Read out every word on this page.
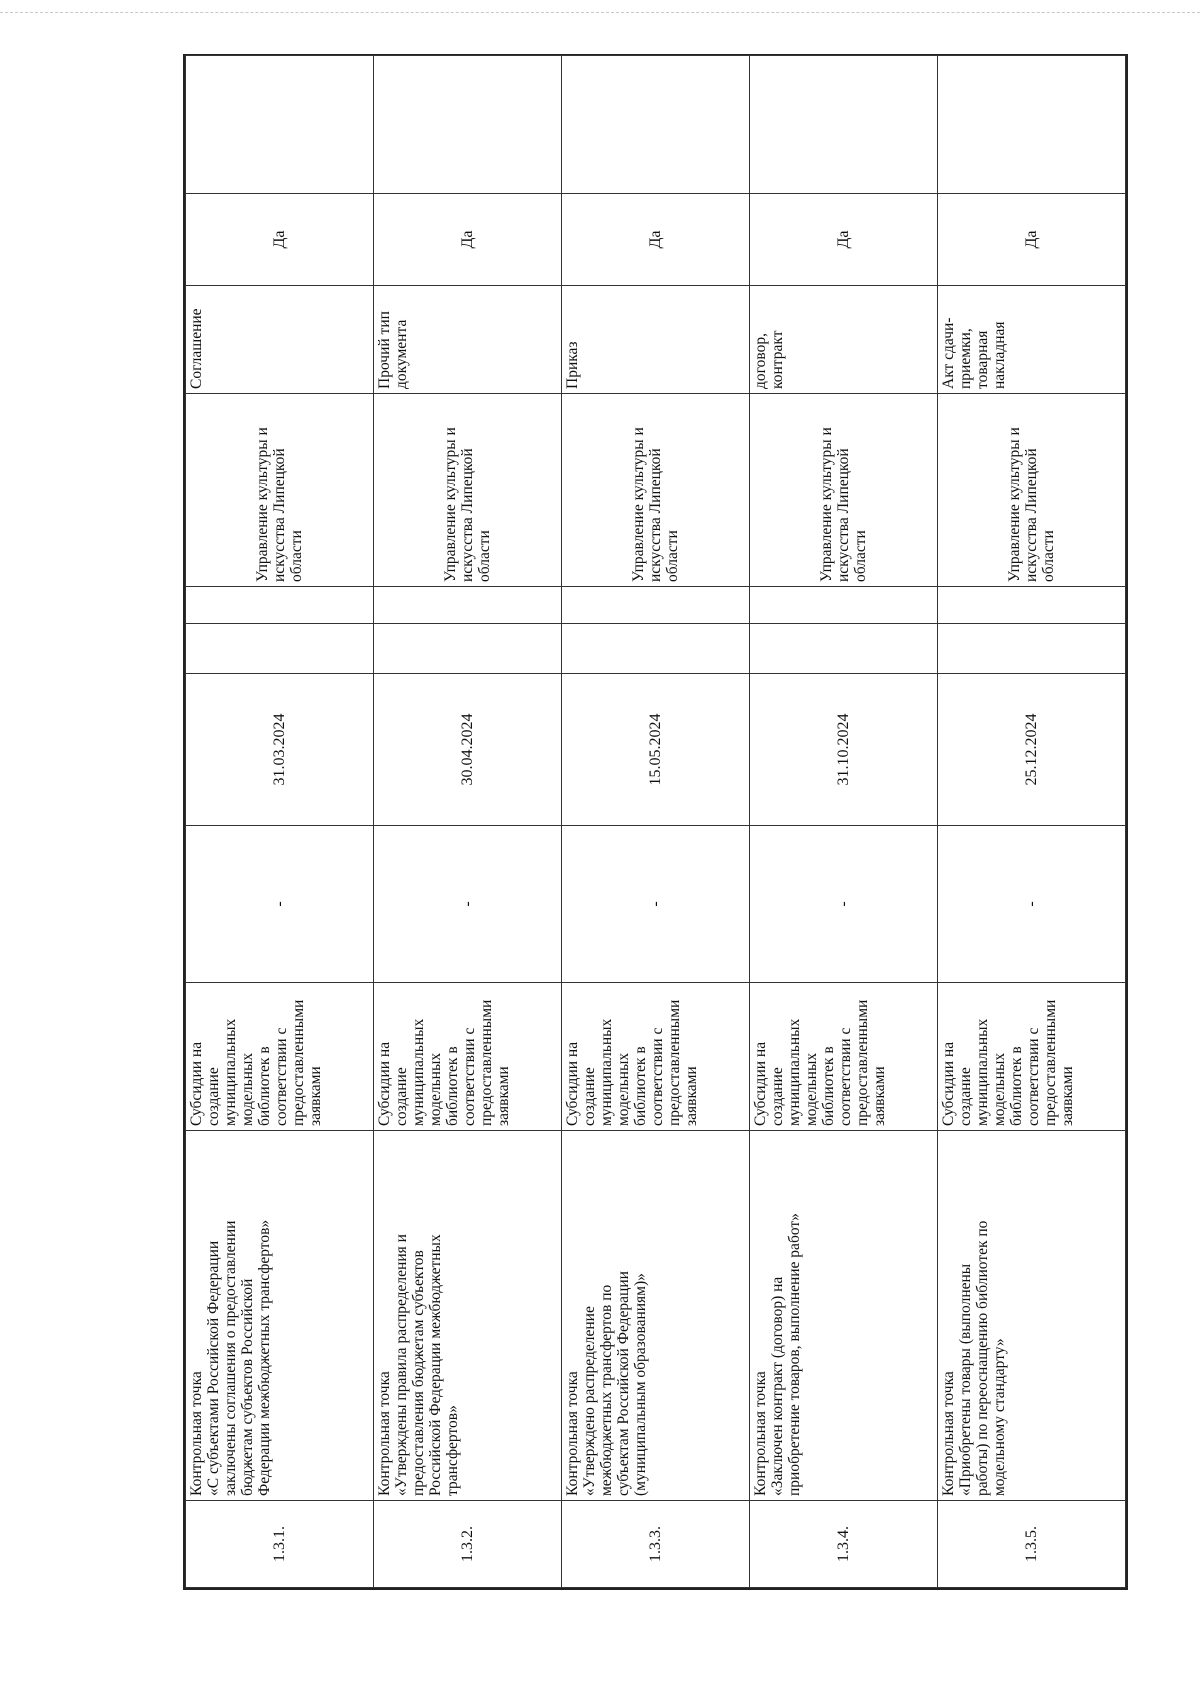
1.3.1.	Контрольная точка «С субъектами Российской Федерации заключены соглашения о предоставлении бюджетам субъектов Российской Федерации межбюджетных трансфертов»	Субсидии на создание муниципальных модельных библиотек в соответствии с предоставленными заявками	-	31.03.2024			Управление культуры и искусства Липецкой области	Соглашение	Да	
1.3.2.	Контрольная точка «Утверждены правила распределения и предоставления бюджетам субъектов Российской Федерации межбюджетных трансфертов»	Субсидии на создание муниципальных модельных библиотек в соответствии с предоставленными заявками	-	30.04.2024			Управление культуры и искусства Липецкой области	Прочий тип документа	Да	
1.3.3.	Контрольная точка «Утверждено распределение межбюджетных трансфертов по субъектам Российской Федерации (муниципальным образованиям)»	Субсидии на создание муниципальных модельных библиотек в соответствии с предоставленными заявками	-	15.05.2024			Управление культуры и искусства Липецкой области	Приказ	Да	
1.3.4.	Контрольная точка «Заключен контракт (договор) на приобретение товаров, выполнение работ»	Субсидии на создание муниципальных модельных библиотек в соответствии с предоставленными заявками	-	31.10.2024			Управление культуры и искусства Липецкой области	договор, контракт	Да	
1.3.5.	Контрольная точка «Приобретены товары (выполнены работы) по переоснащению библиотек по модельному стандарту»	Субсидии на создание муниципальных модельных библиотек в соответствии с предоставленными заявками	-	25.12.2024			Управление культуры и искусства Липецкой области	Акт сдачи-приемки, товарная накладная	Да	
